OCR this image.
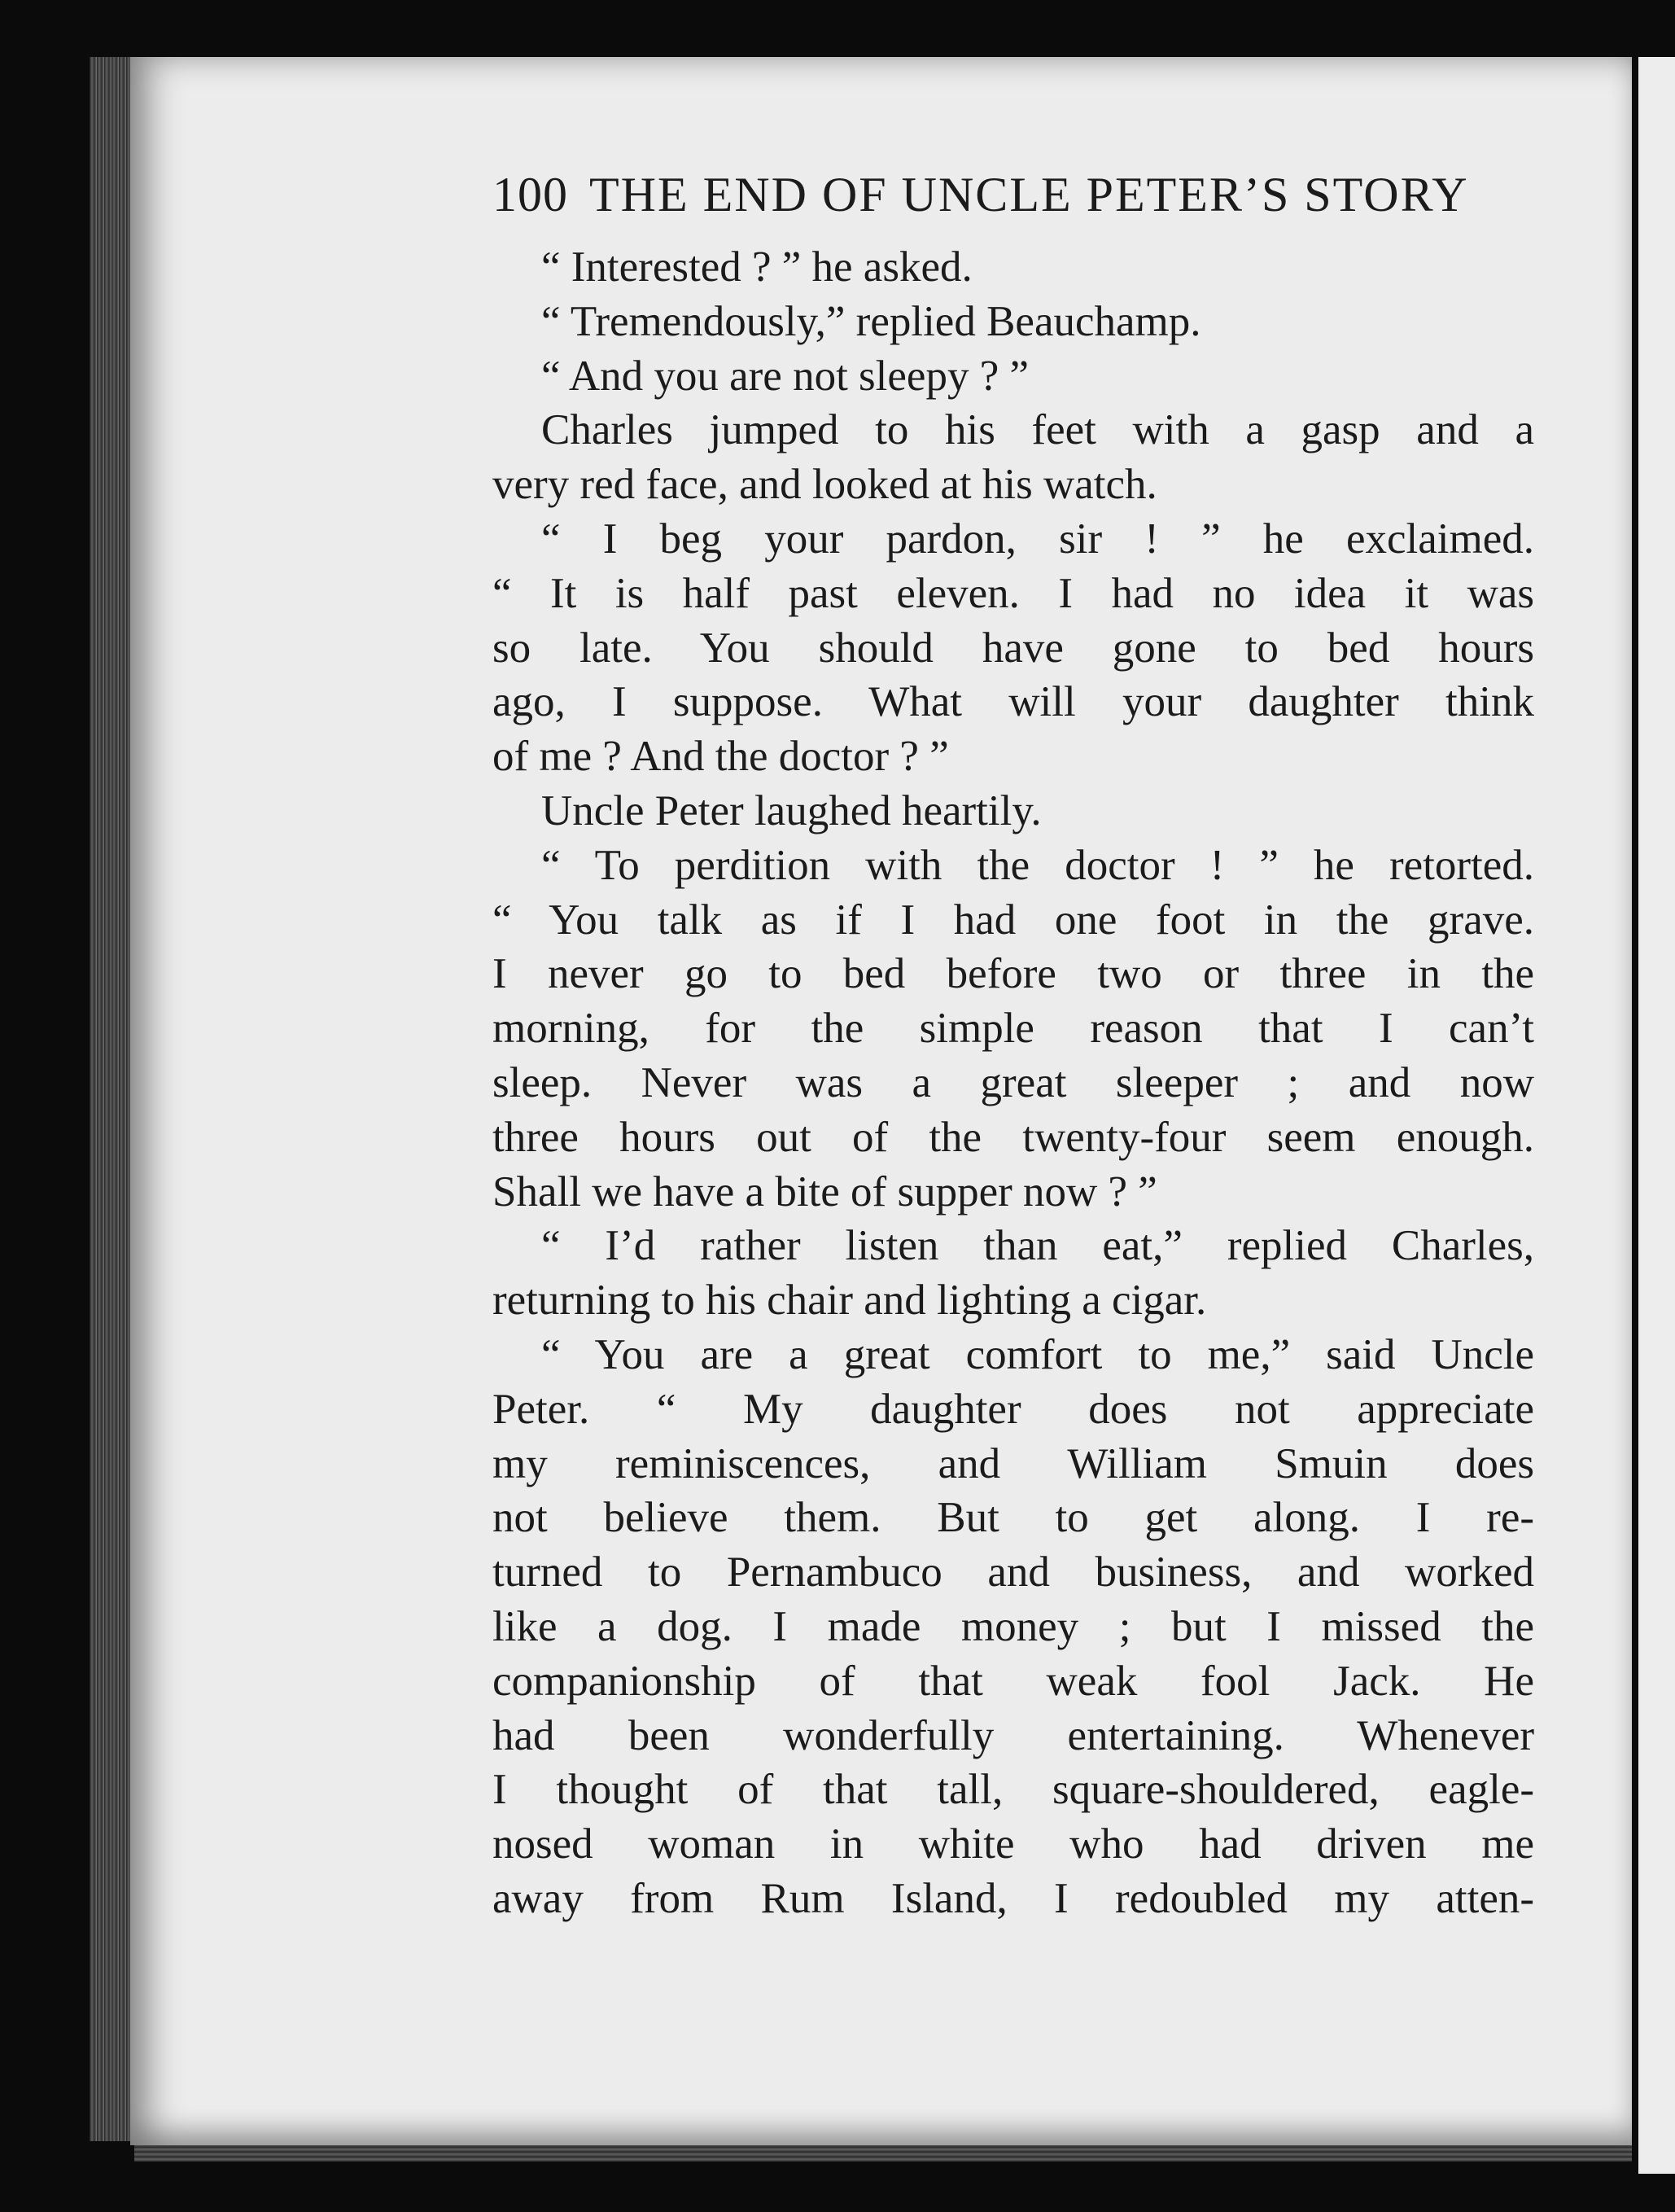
100 THE END OF UNCLE PETER’S STORY
“ Interested ? ” he asked.
“ Tremendously,” replied Beauchamp.
“ And you are not sleepy ? ”
Charles jumped to his feet with a gasp and a
very red face, and looked at his watch.
“ I beg your pardon, sir ! ” he exclaimed.
“ It is half past eleven. I had no idea it was
so late. You should have gone to bed hours
ago, I suppose. What will your daughter think
of me ? And the doctor ? ”
Uncle Peter laughed heartily.
“ To perdition with the doctor ! ” he retorted.
“ You talk as if I had one foot in the grave.
I never go to bed before two or three in the
morning, for the simple reason that I can’t
sleep. Never was a great sleeper ; and now
three hours out of the twenty-four seem enough.
Shall we have a bite of supper now ? ”
“ I’d rather listen than eat,” replied Charles,
returning to his chair and lighting a cigar.
“ You are a great comfort to me,” said Uncle
Peter. “ My daughter does not appreciate
my reminiscences, and William Smuin does
not believe them. But to get along. I re-
turned to Pernambuco and business, and worked
like a dog. I made money ; but I missed the
companionship of that weak fool Jack. He
had been wonderfully entertaining. Whenever
I thought of that tall, square-shouldered, eagle-
nosed woman in white who had driven me
away from Rum Island, I redoubled my atten-
